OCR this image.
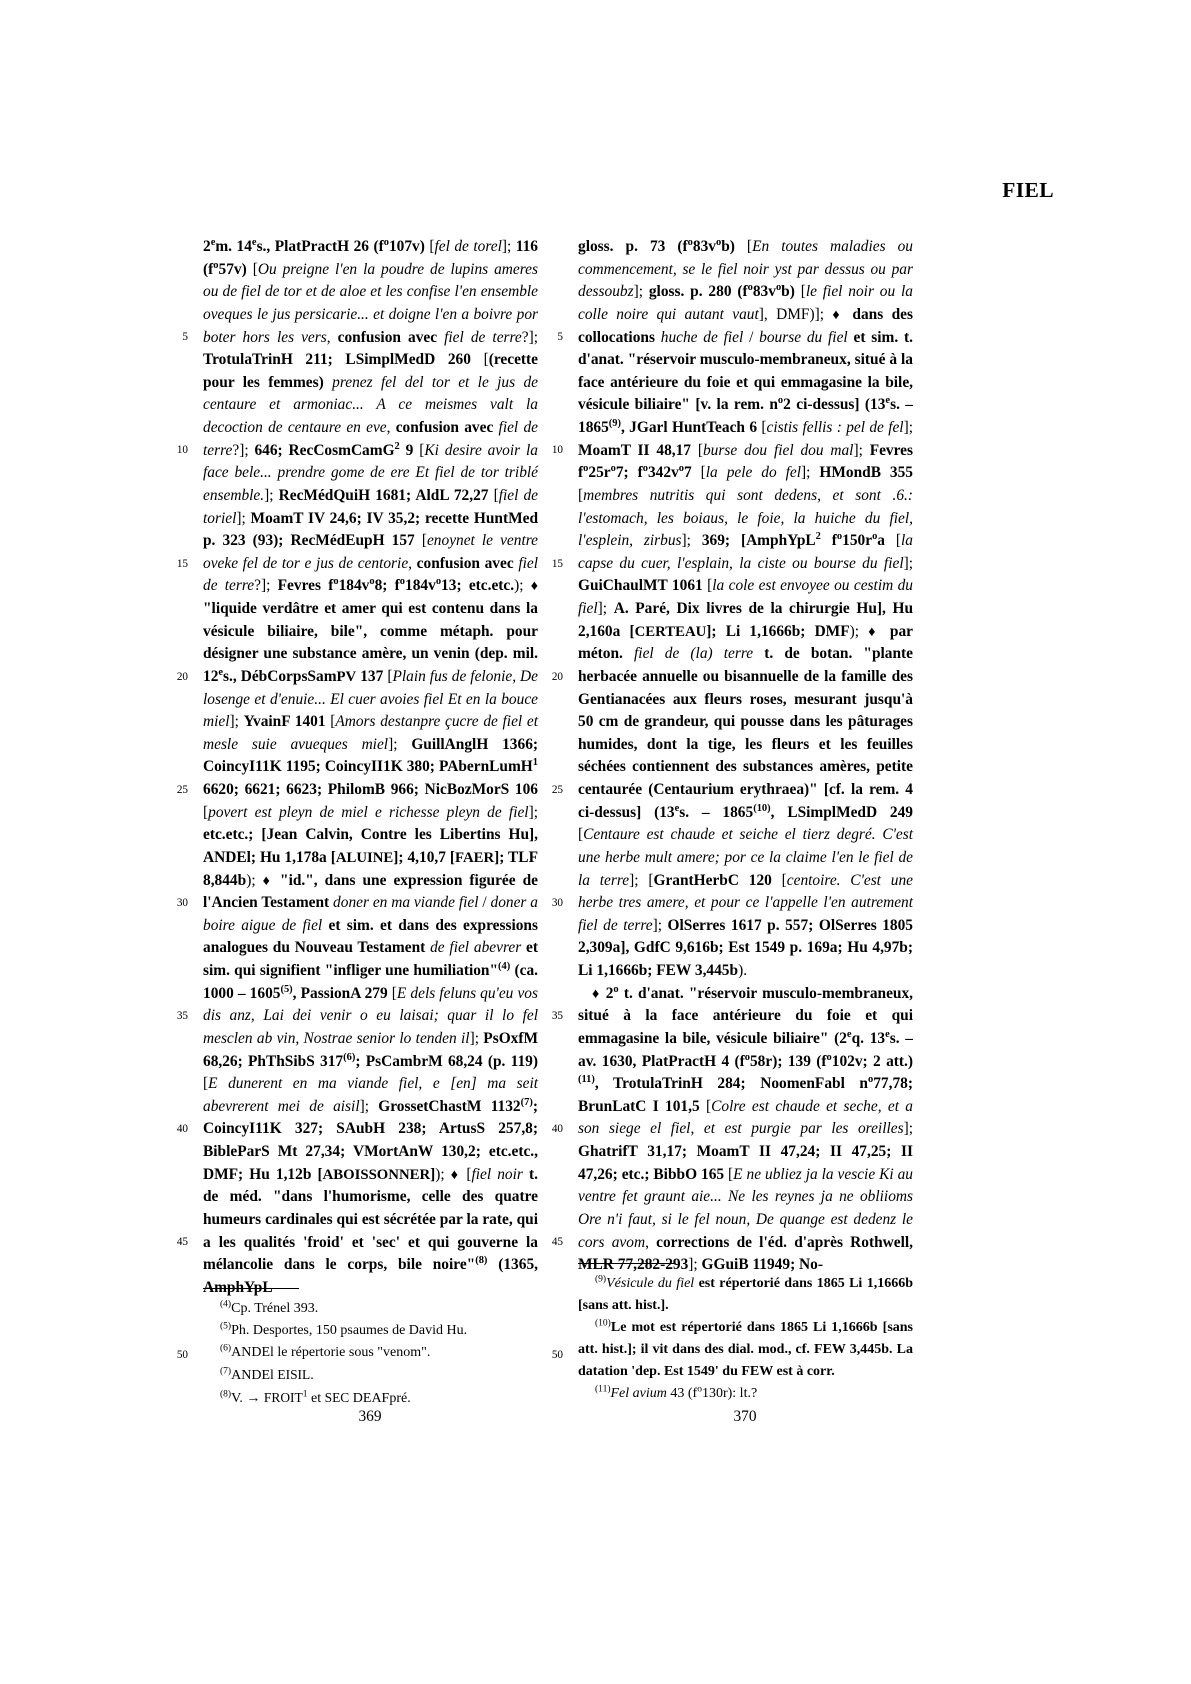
FIEL
5
10
15
20
25
30
35
40
45
50
5
10
15
20
25
30
35
40
45
50

2em. 14es., PlatPractH 26 $(f^o107v)$ [fel de torel]; 116 $(f^o57v)$ [Ou preigne l'en la poudre de lupins ameres ou de fiel de tor et de aloe et les confise l'en ensemble oveques le jus persicarie... et doigne l'en a boivre por boter hors les vers, confusion avec fiel de terre?]; TrotulaTrinH 211; LSimplMedD 260 [(recette pour les femmes) prenez fel del tor et le jus de centaure et armoniac... A ce meismes valt la decoction de centaure en eve, confusion avec fiel de terre?]; 646; RecCosmCamG$^2$ 9 [Ki desire avoir la face bele... prendre gome de ere Et fiel de tor triblé ensemble.]; RecMédQuiH 1681; AldL 72,27 [fiel de toriel]; MoamT IV 24,6; IV 35,2; recette HuntMed p. 323 (93); RecMédEupH 157 [enoynet le ventre oveke fel de tor e jus de centorie, confusion avec fiel de terre?]; Fevres $f^o184v^o8$; $f^o184v^o13$; etc.etc.); ♦ "liquide verdâtre et amer qui est contenu dans la vésicule biliaire, bile", comme métaph. pour désigner une substance amère, un venin (dep. mil. 12es., DébCorpsSamPV 137 [Plain fus de felonie, De losenge et d'enuie... El cuer avoies fiel Et en la bouce miel]; YvainF 1401 [Amors destanpre çucre de fiel et mesle suie avueques miel]; GuillAnglH 1366; CoincyI11K 1195; CoincyII1K 380; PAbernLumH$^1$ 6620; 6621; 6623; PhilomB 966; NicBozMorS 106 [povert est pleyn de miel e richesse pleyn de fiel]; etc.etc.; [Jean Calvin, Contre les Libertins Hu], ANDEl; Hu 1,178a [ALUINE]; 4,10,7 [FAER]; TLF 8,844b); ♦ "id.", dans une expression figurée de l'Ancien Testament doner en ma viande fiel / doner a boire aigue de fiel et sim. et dans des expressions analogues du Nouveau Testament de fiel abevrer et sim. qui signifient "infliger une humiliation"$^{(4)}$ (ca. 1000 – 1605$^{(5)}$, PassionA 279 [E dels feluns qu'eu vos dis anz, Lai dei venir o eu laisai; quar il lo fel mesclen ab vin, Nostrae senior lo tenden il]; PsOxfM 68,26; PhThSibS 317$^{(6)}$; PsCambrM 68,24 (p. 119) [E dunerent en ma viande fiel, e [en] ma seit abevrerent mei de aisil]; GrossetChastM 1132$^{(7)}$; CoincyI11K 327; SAubH 238; ArtusS 257,8; BibleParS Mt 27,34; VMortAnW 130,2; etc.etc., DMF; Hu 1,12b [ABOISSONNER]); ♦ [fiel noir t. de méd. "dans l'humorisme, celle des quatre humeurs cardinales qui est sécrétée par la rate, qui a les qualités 'froid' et 'sec' et qui gouverne la mélancolie dans le corps, bile noire"$^{(8)}$ (1365, AmphYpL

$^{(4)}$Cp. Trénel 393.

$^{(5)}$Ph. Desportes, 150 psaumes de David Hu.

$^{(6)}$ANDEl le répertorie sous "venom".

$^{(7)}$ANDEl EISIL.

$^{(8)}$V. → $FROIT^1$ et SEC DEAFpré.

gloss. p. 73 $(f^o83v^ob)$ [En toutes maladies ou commencement, se le fiel noir yst par dessus ou par dessoubz]; gloss. p. 280 $(f^o83v^ob)$ [le fiel noir ou la colle noire qui autant vaut], DMF)]; ♦ dans des collocations huche de fiel / bourse du fiel et sim. t. d'anat. "réservoir musculo-membraneux, situé à la face antérieure du foie et qui emmagasine la bile, vésicule biliaire" [v. la rem. $n^o2$ ci-dessus] (13es. – 1865$^{(9)}$, JGarl HuntTeach 6 [cistis fellis : pel de fel]; MoamT II 48,17 [burse dou fiel dou mal]; Fevres $f^o25r^o7$; $f^o342v^o7$ [la pele do fel]; HMondB 355 [membres nutritis qui sont dedens, et sont .6.: l'estomach, les boiaus, le foie, la huiche du fiel, l'esplein, zirbus]; 369; [AmphYpL$^2$ $f^o150r^oa$ [la capse du cuer, l'esplain, la ciste ou bourse du fiel]; GuiChaulMT 1061 [la cole est envoyee ou cestim du fiel]; A. Paré, Dix livres de la chirurgie Hu], Hu 2,160a [CERTEAU]; Li 1,1666b; DMF); ♦ par méton. fiel de (la) terre t. de botan. "plante herbacée annuelle ou bisannuelle de la famille des Gentianacées aux fleurs roses, mesurant jusqu'à 50 cm de grandeur, qui pousse dans les pâturages humides, dont la tige, les fleurs et les feuilles séchées contiennent des substances amères, petite centaurée (Centaurium erythraea)" [cf. la rem. 4 ci-dessus] (13es. – 1865$^{(10)}$, LSimplMedD 249 [Centaure est chaude et seiche el tierz degré. C'est une herbe mult amere; por ce la claime l'en le fiel de la terre]; [GrantHerbC 120 [centoire. C'est une herbe tres amere, et pour ce l'appelle l'en autrement fiel de terre]; OlSerres 1617 p. 557; OlSerres 1805 2,309a], GdfC 9,616b; Est 1549 p. 169a; Hu 4,97b; Li 1,1666b; FEW 3,445b).

♦ 2$^o$ t. d'anat. "réservoir musculo-membraneux, situé à la face antérieure du foie et qui emmagasine la bile, vésicule biliaire" (2eq. 13es. – av. 1630, PlatPractH 4 $(f^o58r)$; 139 ($f^o102v$; 2 att.)$^{(11)}$, TrotulaTrinH 284; NoomenFabl $n^o77,78$; BrunLatC I 101,5 [Colre est chaude et seche, et a son siege el fiel, et est purgie par les oreilles]; GhatrifT 31,17; MoamT II 47,24; II 47,25; II 47,26; etc.; BibbO 165 [E ne ubliez ja la vescie Ki au ventre fet graunt aie... Ne les reynes ja ne obliioms Ore n'i faut, si le fel noun, De quange est dedenz le cors avom, corrections de l'éd. d'après Rothwell, MLR 77,282-293]; GGuiB 11949; No-

$^{(9)}$Vésicule du fiel est répertorié dans 1865 Li 1,1666b [sans att. hist.].

$^{(10)}$Le mot est répertorié dans 1865 Li 1,1666b [sans att. hist.]; il vit dans des dial. mod., cf. FEW 3,445b. La datation 'dep. Est 1549' du FEW est à corr.

$^{(11)}$Fel avium 43 $(f^o130r)$: lt.?

369	370
